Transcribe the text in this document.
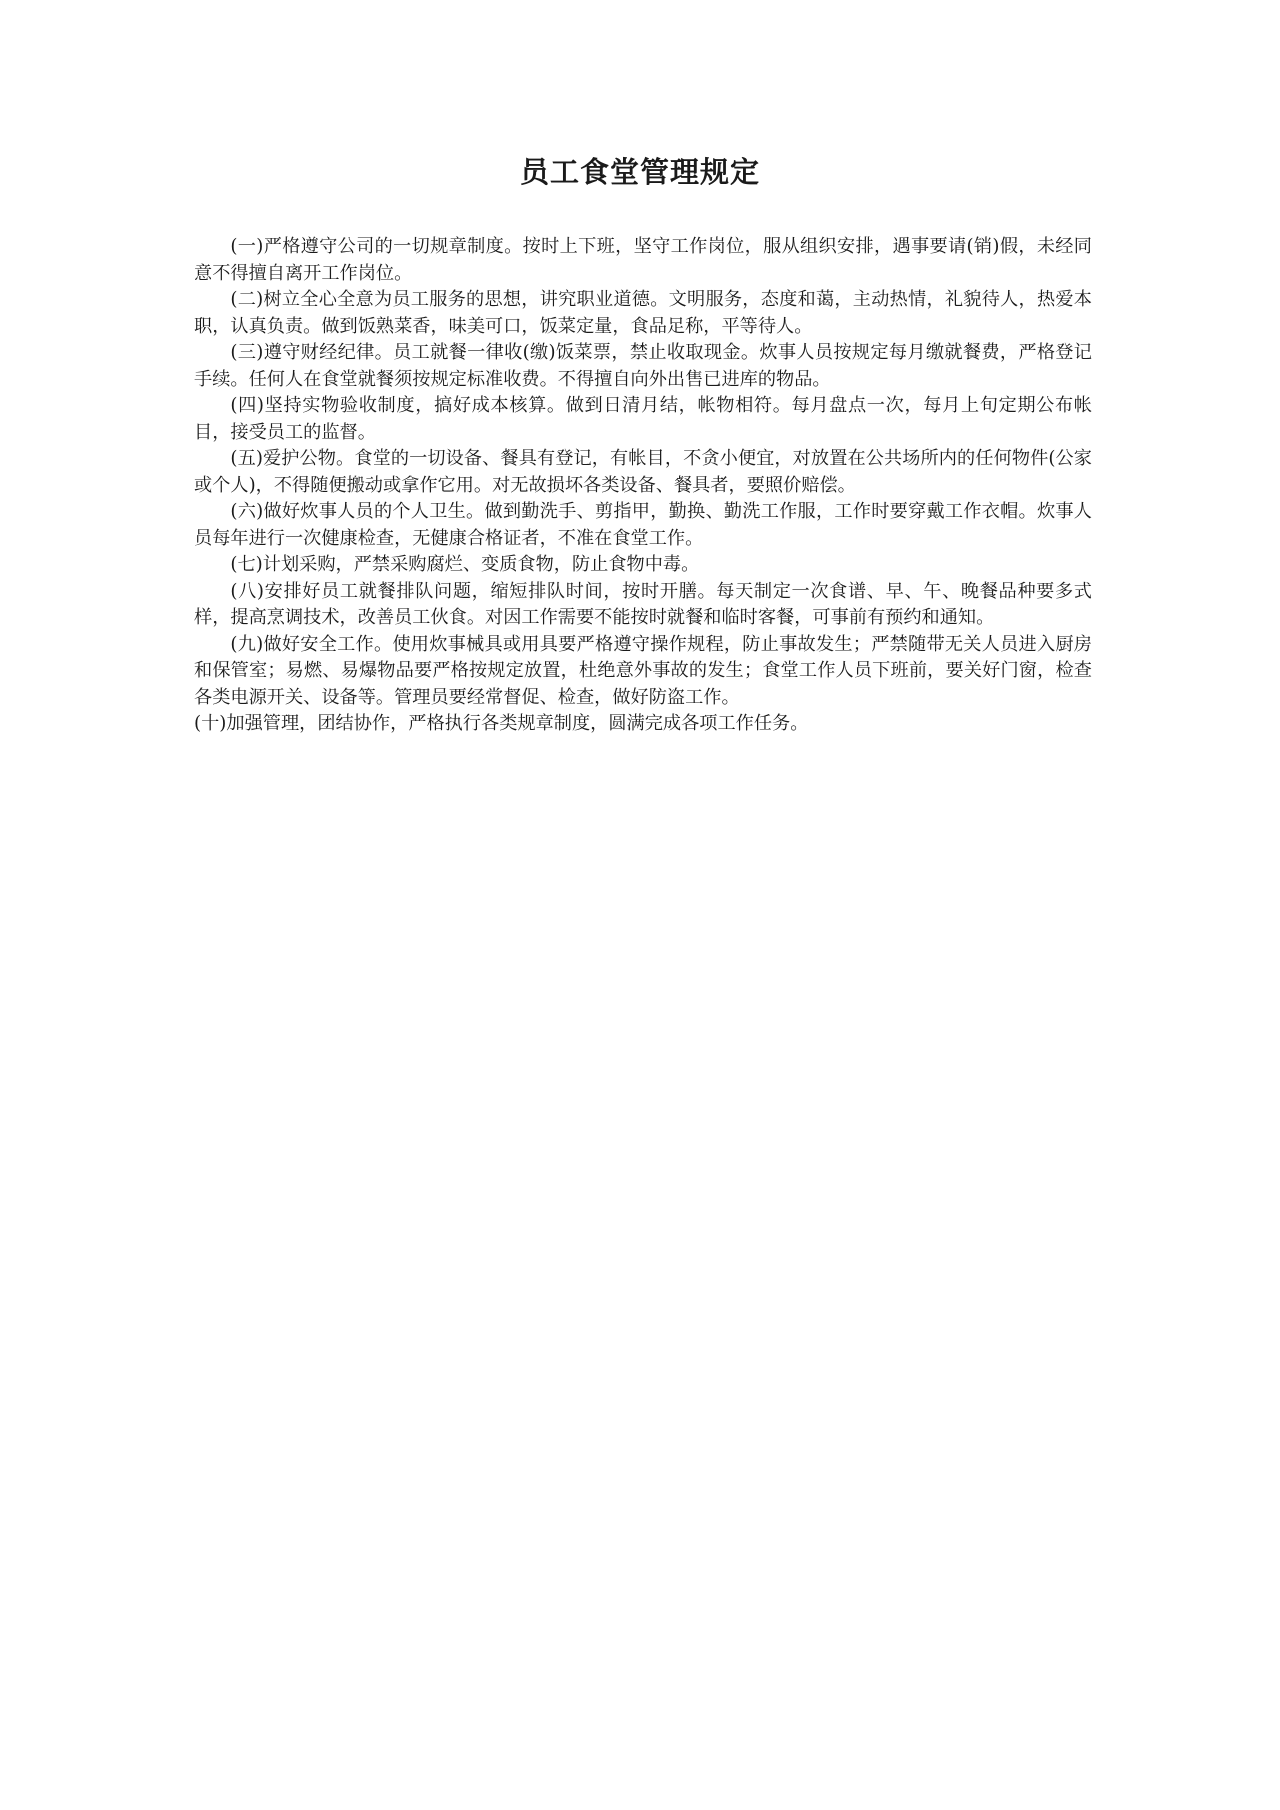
员工食堂管理规定

(一)严格遵守公司的一切规章制度。按时上下班，坚守工作岗位，服从组织安排，遇事要请(销)假，未经同意不得擅自离开工作岗位。

(二)树立全心全意为员工服务的思想，讲究职业道德。文明服务，态度和蔼，主动热情，礼貌待人，热爱本职，认真负责。做到饭熟菜香，味美可口，饭菜定量，食品足称，平等待人。

(三)遵守财经纪律。员工就餐一律收(缴)饭菜票，禁止收取现金。炊事人员按规定每月缴就餐费，严格登记手续。任何人在食堂就餐须按规定标准收费。不得擅自向外出售已进库的物品。

(四)坚持实物验收制度，搞好成本核算。做到日清月结，帐物相符。每月盘点一次，每月上旬定期公布帐目，接受员工的监督。

(五)爱护公物。食堂的一切设备、餐具有登记，有帐目，不贪小便宜，对放置在公共场所内的任何物件(公家或个人)，不得随便搬动或拿作它用。对无故损坏各类设备、餐具者，要照价赔偿。

(六)做好炊事人员的个人卫生。做到勤洗手、剪指甲，勤换、勤洗工作服，工作时要穿戴工作衣帽。炊事人员每年进行一次健康检查，无健康合格证者，不准在食堂工作。

(七)计划采购，严禁采购腐烂、变质食物，防止食物中毒。

(八)安排好员工就餐排队问题，缩短排队时间，按时开膳。每天制定一次食谱、早、午、晚餐品种要多式样，提高烹调技术，改善员工伙食。对因工作需要不能按时就餐和临时客餐，可事前有预约和通知。

(九)做好安全工作。使用炊事械具或用具要严格遵守操作规程，防止事故发生；严禁随带无关人员进入厨房和保管室；易燃、易爆物品要严格按规定放置，杜绝意外事故的发生；食堂工作人员下班前，要关好门窗，检查各类电源开关、设备等。管理员要经常督促、检查，做好防盗工作。

(十)加强管理，团结协作，严格执行各类规章制度，圆满完成各项工作任务。
